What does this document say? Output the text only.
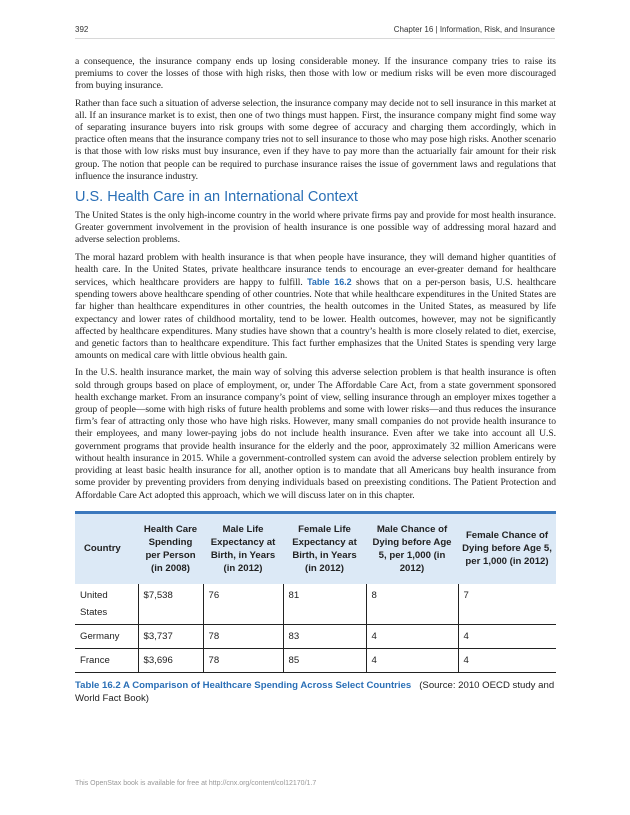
392	Chapter 16 | Information, Risk, and Insurance

a consequence, the insurance company ends up losing considerable money. If the insurance company tries to raise its premiums to cover the losses of those with high risks, then those with low or medium risks will be even more discouraged from buying insurance.

Rather than face such a situation of adverse selection, the insurance company may decide not to sell insurance in this market at all. If an insurance market is to exist, then one of two things must happen. First, the insurance company might find some way of separating insurance buyers into risk groups with some degree of accuracy and charging them accordingly, which in practice often means that the insurance company tries not to sell insurance to those who may pose high risks. Another scenario is that those with low risks must buy insurance, even if they have to pay more than the actuarially fair amount for their risk group. The notion that people can be required to purchase insurance raises the issue of government laws and regulations that influence the insurance industry.

U.S. Health Care in an International Context

The United States is the only high-income country in the world where private firms pay and provide for most health insurance. Greater government involvement in the provision of health insurance is one possible way of addressing moral hazard and adverse selection problems.

The moral hazard problem with health insurance is that when people have insurance, they will demand higher quantities of health care. In the United States, private healthcare insurance tends to encourage an ever-greater demand for healthcare services, which healthcare providers are happy to fulfill. Table 16.2 shows that on a per-person basis, U.S. healthcare spending towers above healthcare spending of other countries. Note that while healthcare expenditures in the United States are far higher than healthcare expenditures in other countries, the health outcomes in the United States, as measured by life expectancy and lower rates of childhood mortality, tend to be lower. Health outcomes, however, may not be significantly affected by healthcare expenditures. Many studies have shown that a country’s health is more closely related to diet, exercise, and genetic factors than to healthcare expenditure. This fact further emphasizes that the United States is spending very large amounts on medical care with little obvious health gain.

In the U.S. health insurance market, the main way of solving this adverse selection problem is that health insurance is often sold through groups based on place of employment, or, under The Affordable Care Act, from a state government sponsored health exchange market. From an insurance company’s point of view, selling insurance through an employer mixes together a group of people—some with high risks of future health problems and some with lower risks—and thus reduces the insurance firm’s fear of attracting only those who have high risks. However, many small companies do not provide health insurance to their employees, and many lower-paying jobs do not include health insurance. Even after we take into account all U.S. government programs that provide health insurance for the elderly and the poor, approximately 32 million Americans were without health insurance in 2015. While a government-controlled system can avoid the adverse selection problem entirely by providing at least basic health insurance for all, another option is to mandate that all Americans buy health insurance from some provider by preventing providers from denying individuals based on preexisting conditions. The Patient Protection and Affordable Care Act adopted this approach, which we will discuss later on in this chapter.

Country	Health Care Spending per Person (in 2008)	Male Life Expectancy at Birth, in Years (in 2012)	Female Life Expectancy at Birth, in Years (in 2012)	Male Chance of Dying before Age 5, per 1,000 (in 2012)	Female Chance of Dying before Age 5, per 1,000 (in 2012)
United States	$7,538	76	81	8	7
Germany	$3,737	78	83	4	4
France	$3,696	78	85	4	4
Table 16.2 A Comparison of Healthcare Spending Across Select Countries (Source: 2010 OECD study and World Fact Book)
This OpenStax book is available for free at http://cnx.org/content/col12170/1.7
